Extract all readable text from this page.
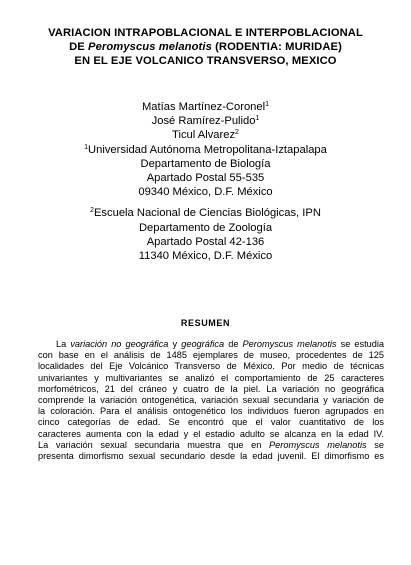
VARIACION INTRAPOBLACIONAL E INTERPOBLACIONAL
DE Peromyscus melanotis (RODENTIA: MURIDAE)
EN EL EJE VOLCANICO TRANSVERSO, MEXICO
Matías Martínez-Coronel$^1$
José Ramírez-Pulido$^1$
Ticul Alvarez$^2$
$^1$Universidad Autónoma Metropolitana-Iztapalapa
Departamento de Biología
Apartado Postal 55-535
09340 México, D.F. México
$^2$Escuela Nacional de Ciencias Biológicas, IPN
Departamento de Zoología
Apartado Postal 42-136
11340 México, D.F. México
RESUMEN
La variación no geográfica y geográfica de Peromyscus melanotis se estudia
con base en el análisis de 1485 ejemplares de museo, procedentes de 125
localidades del Eje Volcánico Transverso de México. Por medio de técnicas
univariantes y multivariantes se analizó el comportamiento de 25 caracteres
morfométricos, 21 del cráneo y cuatro de la piel. La variación no geográfica
comprende la variación ontogenética, variación sexual secundaria y variación de
la coloración. Para el análisis ontogenético los individuos fueron agrupados en
cinco categorías de edad. Se encontró que el valor cuantitativo de los
caracteres aumenta con la edad y el estadio adulto se alcanza en la edad IV.
La variación sexual secundaria muestra que en Peromyscus melanotis se
presenta dimorfismo sexual secundario desde la edad juvenil. El dimorfismo es
